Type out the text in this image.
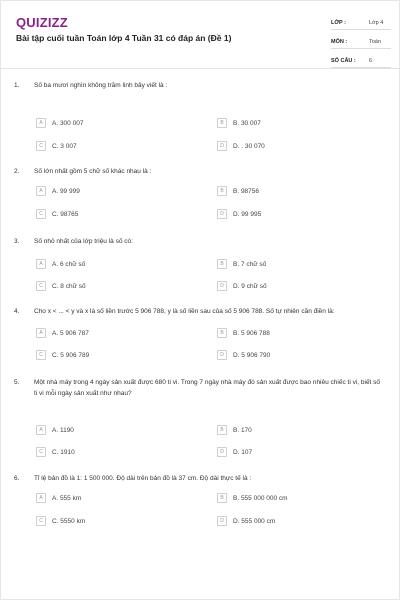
QUIZIZZ
Bài tập cuối tuần Toán lớp 4 Tuần 31 có đáp án (Đề 1)
LỚP :	Lớp 4
MÔN :	Toán
SỐ CÂU : 6
1. Số ba mươi nghìn không trăm linh bảy viết là :
A	A. 300 007	B	B. 30 007
C	C. 3 007	D	D. . 30 070
2. Số lớn nhất gồm 5 chữ số khác nhau là :
A	A. 99 999	B	B. 98756
C	C. 98765	D	D. 99 995
3. Số nhỏ nhất của lớp triệu là số có:
A	A. 6 chữ số	B	B. 7 chữ số
C	C. 8 chữ số	D	D. 9 chữ số
4. Cho x < ... < y và x là số liền trước 5 906 788, y là số liền sau của số 5 906 788. Số tự nhiên cần điền là:
A	A. 5 906 787	B	B. 5 906 788
C	C. 5 906 789	D	D. 5 906 790
5. Một nhà máy trong 4 ngày sản xuất được 680 ti vi. Trong 7 ngày nhà máy đó sản xuất được bao nhiêu chiếc ti vi, biết số ti vi mỗi ngày sản xuất như nhau?
A	A. 1190	B	B. 170
C	C. 1910	D	D. 107
6. Tỉ lệ bản đồ là 1: 1 500 000. Độ dài trên bản đồ là 37 cm. Độ dài thực tế là :
A	A. 555 km	B	B. 555 000 000 cm
C	C. 5550 km	D	D. 555 000 cm
